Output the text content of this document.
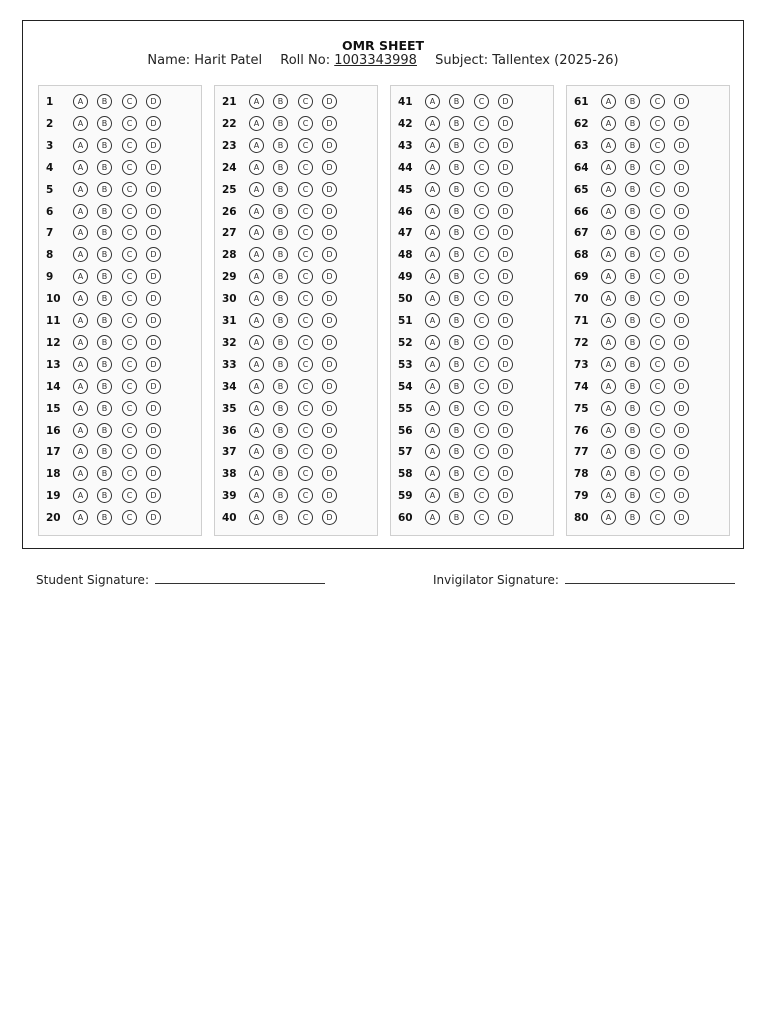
OMR SHEET
Name: Harit Patel Roll No: 1003343998 Subject: Tallentex (2025-26)
1	A	B	C	D
2	A	B	C	D
3	A	B	C	D
4	A	B	C	D
5	A	B	C	D
6	A	B	C	D
7	A	B	C	D
8	A	B	C	D
9	A	B	C	D
10	A	B	C	D
11	A	B	C	D
12	A	B	C	D
13	A	B	C	D
14	A	B	C	D
15	A	B	C	D
16	A	B	C	D
17	A	B	C	D
18	A	B	C	D
19	A	B	C	D
20	A	B	C	D
21	A	B	C	D
22	A	B	C	D
23	A	B	C	D
24	A	B	C	D
25	A	B	C	D
26	A	B	C	D
27	A	B	C	D
28	A	B	C	D
29	A	B	C	D
30	A	B	C	D
31	A	B	C	D
32	A	B	C	D
33	A	B	C	D
34	A	B	C	D
35	A	B	C	D
36	A	B	C	D
37	A	B	C	D
38	A	B	C	D
39	A	B	C	D
40	A	B	C	D
41	A	B	C	D
42	A	B	C	D
43	A	B	C	D
44	A	B	C	D
45	A	B	C	D
46	A	B	C	D
47	A	B	C	D
48	A	B	C	D
49	A	B	C	D
50	A	B	C	D
51	A	B	C	D
52	A	B	C	D
53	A	B	C	D
54	A	B	C	D
55	A	B	C	D
56	A	B	C	D
57	A	B	C	D
58	A	B	C	D
59	A	B	C	D
60	A	B	C	D
61	A	B	C	D
62	A	B	C	D
63	A	B	C	D
64	A	B	C	D
65	A	B	C	D
66	A	B	C	D
67	A	B	C	D
68	A	B	C	D
69	A	B	C	D
70	A	B	C	D
71	A	B	C	D
72	A	B	C	D
73	A	B	C	D
74	A	B	C	D
75	A	B	C	D
76	A	B	C	D
77	A	B	C	D
78	A	B	C	D
79	A	B	C	D
80	A	B	C	D
Student Signature:	Invigilator Signature:
